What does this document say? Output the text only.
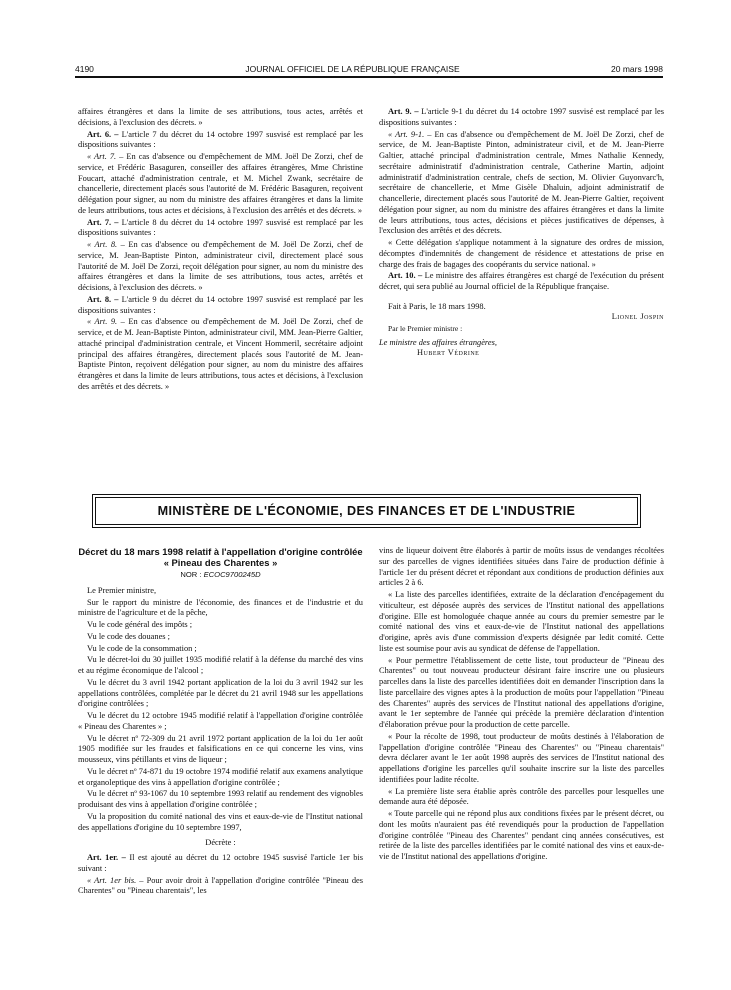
4190	JOURNAL OFFICIEL DE LA RÉPUBLIQUE FRANÇAISE	20 mars 1998

affaires étrangères et dans la limite de ses attributions, tous actes, arrêtés et décisions, à l'exclusion des décrets. »

Art. 6. – L'article 7 du décret du 14 octobre 1997 susvisé est remplacé par les dispositions suivantes :

« Art. 7. – En cas d'absence ou d'empêchement de MM. Joël De Zorzi, chef de service, et Frédéric Basaguren, conseiller des affaires étrangères, Mme Christine Foucart, attaché d'administration centrale, et M. Michel Zwank, secrétaire de chancellerie, directement placés sous l'autorité de M. Frédéric Basaguren, reçoivent délégation pour signer, au nom du ministre des affaires étrangères et dans la limite de leurs attributions, tous actes et décisions, à l'exclusion des arrêtés et des décrets. »

Art. 7. – L'article 8 du décret du 14 octobre 1997 susvisé est remplacé par les dispositions suivantes :

« Art. 8. – En cas d'absence ou d'empêchement de M. Joël De Zorzi, chef de service, M. Jean-Baptiste Pinton, administrateur civil, directement placé sous l'autorité de M. Joël De Zorzi, reçoit délégation pour signer, au nom du ministre des affaires étrangères et dans la limite de ses attributions, tous actes, arrêtés et décisions, à l'exclusion des décrets. »

Art. 8. – L'article 9 du décret du 14 octobre 1997 susvisé est remplacé par les dispositions suivantes :

« Art. 9. – En cas d'absence ou d'empêchement de M. Joël De Zorzi, chef de service, et de M. Jean-Baptiste Pinton, administrateur civil, MM. Jean-Pierre Galtier, attaché principal d'administration centrale, et Vincent Hommeril, secrétaire adjoint principal des affaires étrangères, directement placés sous l'autorité de M. Jean-Baptiste Pinton, reçoivent délégation pour signer, au nom du ministre des affaires étrangères et dans la limite de leurs attributions, tous actes et décisions, à l'exclusion des arrêtés et des décrets. »

Art. 9. – L'article 9-1 du décret du 14 octobre 1997 susvisé est remplacé par les dispositions suivantes :

« Art. 9-1. – En cas d'absence ou d'empêchement de M. Joël De Zorzi, chef de service, de M. Jean-Baptiste Pinton, administrateur civil, et de M. Jean-Pierre Galtier, attaché principal d'administration centrale, Mmes Nathalie Kennedy, secrétaire administratif d'administration centrale, Catherine Martin, adjoint administratif d'administration centrale, chefs de section, M. Olivier Guyonvarc'h, secrétaire de chancellerie, et Mme Gisèle Dhaluin, adjoint administratif de chancellerie, directement placés sous l'autorité de M. Jean-Pierre Galtier, reçoivent délégation pour signer, au nom du ministre des affaires étrangères et dans la limite de leurs attributions, tous actes, décisions et pièces justificatives de dépenses, à l'exclusion des arrêtés et des décrets.

« Cette délégation s'applique notamment à la signature des ordres de mission, décomptes d'indemnités de changement de résidence et attestations de prise en charge des frais de bagages des coopérants du service national. »

Art. 10. – Le ministre des affaires étrangères est chargé de l'exécution du présent décret, qui sera publié au Journal officiel de la République française.

Fait à Paris, le 18 mars 1998.

Lionel Jospin

Par le Premier ministre :

Le ministre des affaires étrangères,

Hubert Védrine

MINISTÈRE DE L'ÉCONOMIE, DES FINANCES ET DE L'INDUSTRIE

Décret du 18 mars 1998 relatif à l'appellation d'origine contrôlée « Pineau des Charentes »

NOR : ECOC9700245D

Le Premier ministre,

Sur le rapport du ministre de l'économie, des finances et de l'industrie et du ministre de l'agriculture et de la pêche,

Vu le code général des impôts ;

Vu le code des douanes ;

Vu le code de la consommation ;

Vu le décret-loi du 30 juillet 1935 modifié relatif à la défense du marché des vins et au régime économique de l'alcool ;

Vu le décret du 3 avril 1942 portant application de la loi du 3 avril 1942 sur les appellations contrôlées, complétée par le décret du 21 avril 1948 sur les appellations d'origine contrôlées ;

Vu le décret du 12 octobre 1945 modifié relatif à l'appellation d'origine contrôlée « Pineau des Charentes » ;

Vu le décret nº 72-309 du 21 avril 1972 portant application de la loi du 1er août 1905 modifiée sur les fraudes et falsifications en ce qui concerne les vins, vins mousseux, vins pétillants et vins de liqueur ;

Vu le décret nº 74-871 du 19 octobre 1974 modifié relatif aux examens analytique et organoleptique des vins à appellation d'origine contrôlée ;

Vu le décret nº 93-1067 du 10 septembre 1993 relatif au rendement des vignobles produisant des vins à appellation d'origine contrôlée ;

Vu la proposition du comité national des vins et eaux-de-vie de l'Institut national des appellations d'origine du 10 septembre 1997,

Décrète :

Art. 1er. – Il est ajouté au décret du 12 octobre 1945 susvisé l'article 1er bis suivant :

« Art. 1er bis. – Pour avoir droit à l'appellation d'origine contrôlée "Pineau des Charentes" ou "Pineau charentais", les

vins de liqueur doivent être élaborés à partir de moûts issus de vendanges récoltées sur des parcelles de vignes identifiées situées dans l'aire de production définie à l'article 1er du présent décret et répondant aux conditions de production définies aux articles 2 à 6.

« La liste des parcelles identifiées, extraite de la déclaration d'encépagement du viticulteur, est déposée auprès des services de l'Institut national des appellations d'origine. Elle est homologuée chaque année au cours du premier semestre par le comité national des vins et eaux-de-vie de l'Institut national des appellations d'origine, après avis d'une commission d'experts désignée par ledit comité. Cette liste est soumise pour avis au syndicat de défense de l'appellation.

« Pour permettre l'établissement de cette liste, tout producteur de "Pineau des Charentes" ou tout nouveau producteur désirant faire inscrire une ou plusieurs parcelles dans la liste des parcelles identifiées doit en demander l'inscription dans la liste parcellaire des vignes aptes à la production de moûts pour l'appellation "Pineau des Charentes" auprès des services de l'Institut national des appellations d'origine, avant le 1er septembre de l'année qui précède la première déclaration d'intention d'élaboration prévue pour la production de cette parcelle.

« Pour la récolte de 1998, tout producteur de moûts destinés à l'élaboration de l'appellation d'origine contrôlée "Pineau des Charentes" ou "Pineau charentais" devra déclarer avant le 1er août 1998 auprès des services de l'Institut national des appellations d'origine les parcelles qu'il souhaite inscrire sur la liste des parcelles identifiées pour ladite récolte.

« La première liste sera établie après contrôle des parcelles pour lesquelles une demande aura été déposée.

« Toute parcelle qui ne répond plus aux conditions fixées par le présent décret, ou dont les moûts n'auraient pas été revendiqués pour la production de l'appellation d'origine contrôlée "Pineau des Charentes" pendant cinq années consécutives, est retirée de la liste des parcelles identifiées par le comité national des vins et eaux-de-vie de l'Institut national des appellations d'origine.
